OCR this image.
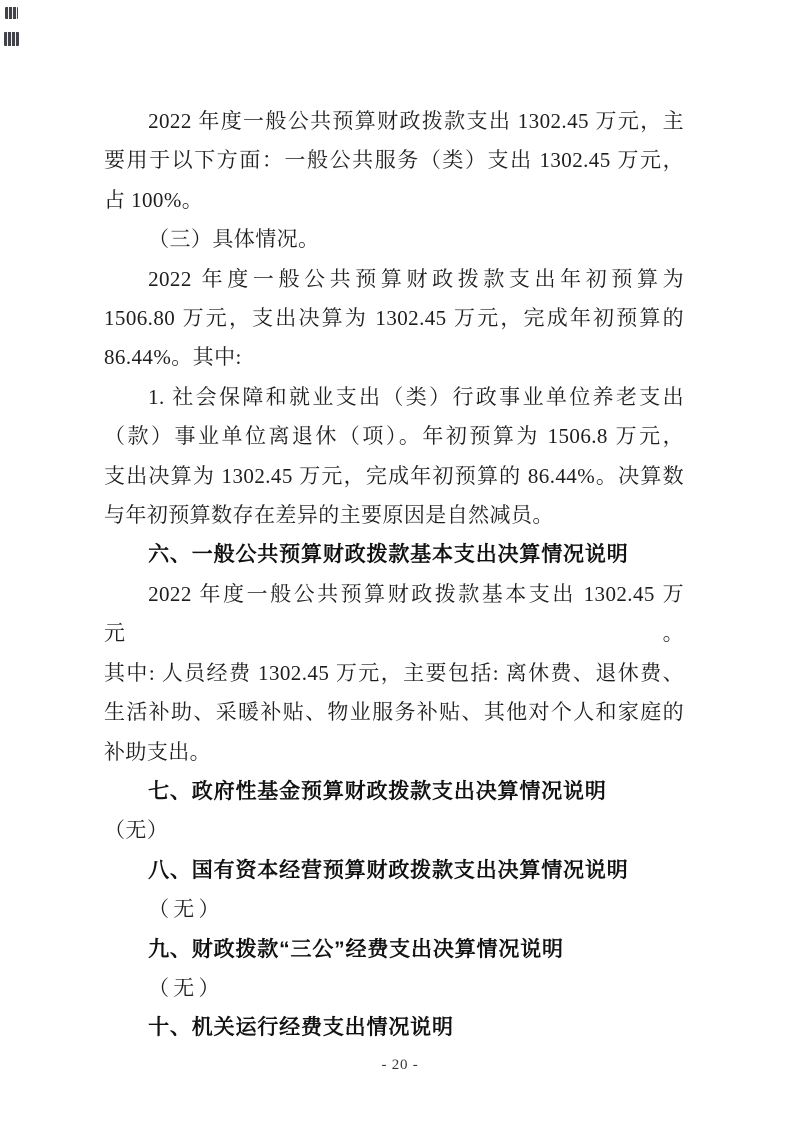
2022 年度一般公共预算财政拨款支出 1302.45 万元，主
要用于以下方面：一般公共服务（类）支出 1302.45 万元，
占 100%。
（三）具体情况。
2022 年度一般公共预算财政拨款支出年初预算为
1506.80 万元，支出决算为 1302.45 万元，完成年初预算的
86.44%。其中:
1. 社会保障和就业支出（类）行政事业单位养老支出
（款）事业单位离退休（项）。年初预算为 1506.8 万元，
支出决算为 1302.45 万元，完成年初预算的 86.44%。决算数
与年初预算数存在差异的主要原因是自然减员。
六、一般公共预算财政拨款基本支出决算情况说明
2022 年度一般公共预算财政拨款基本支出 1302.45 万元。
其中: 人员经费 1302.45 万元，主要包括: 离休费、退休费、
生活补助、采暖补贴、物业服务补贴、其他对个人和家庭的
补助支出。
七、政府性基金预算财政拨款支出决算情况说明
（无）
八、国有资本经营预算财政拨款支出决算情况说明
（无）
九、财政拨款“三公”经费支出决算情况说明
（无）
十、机关运行经费支出情况说明
- 20 -
